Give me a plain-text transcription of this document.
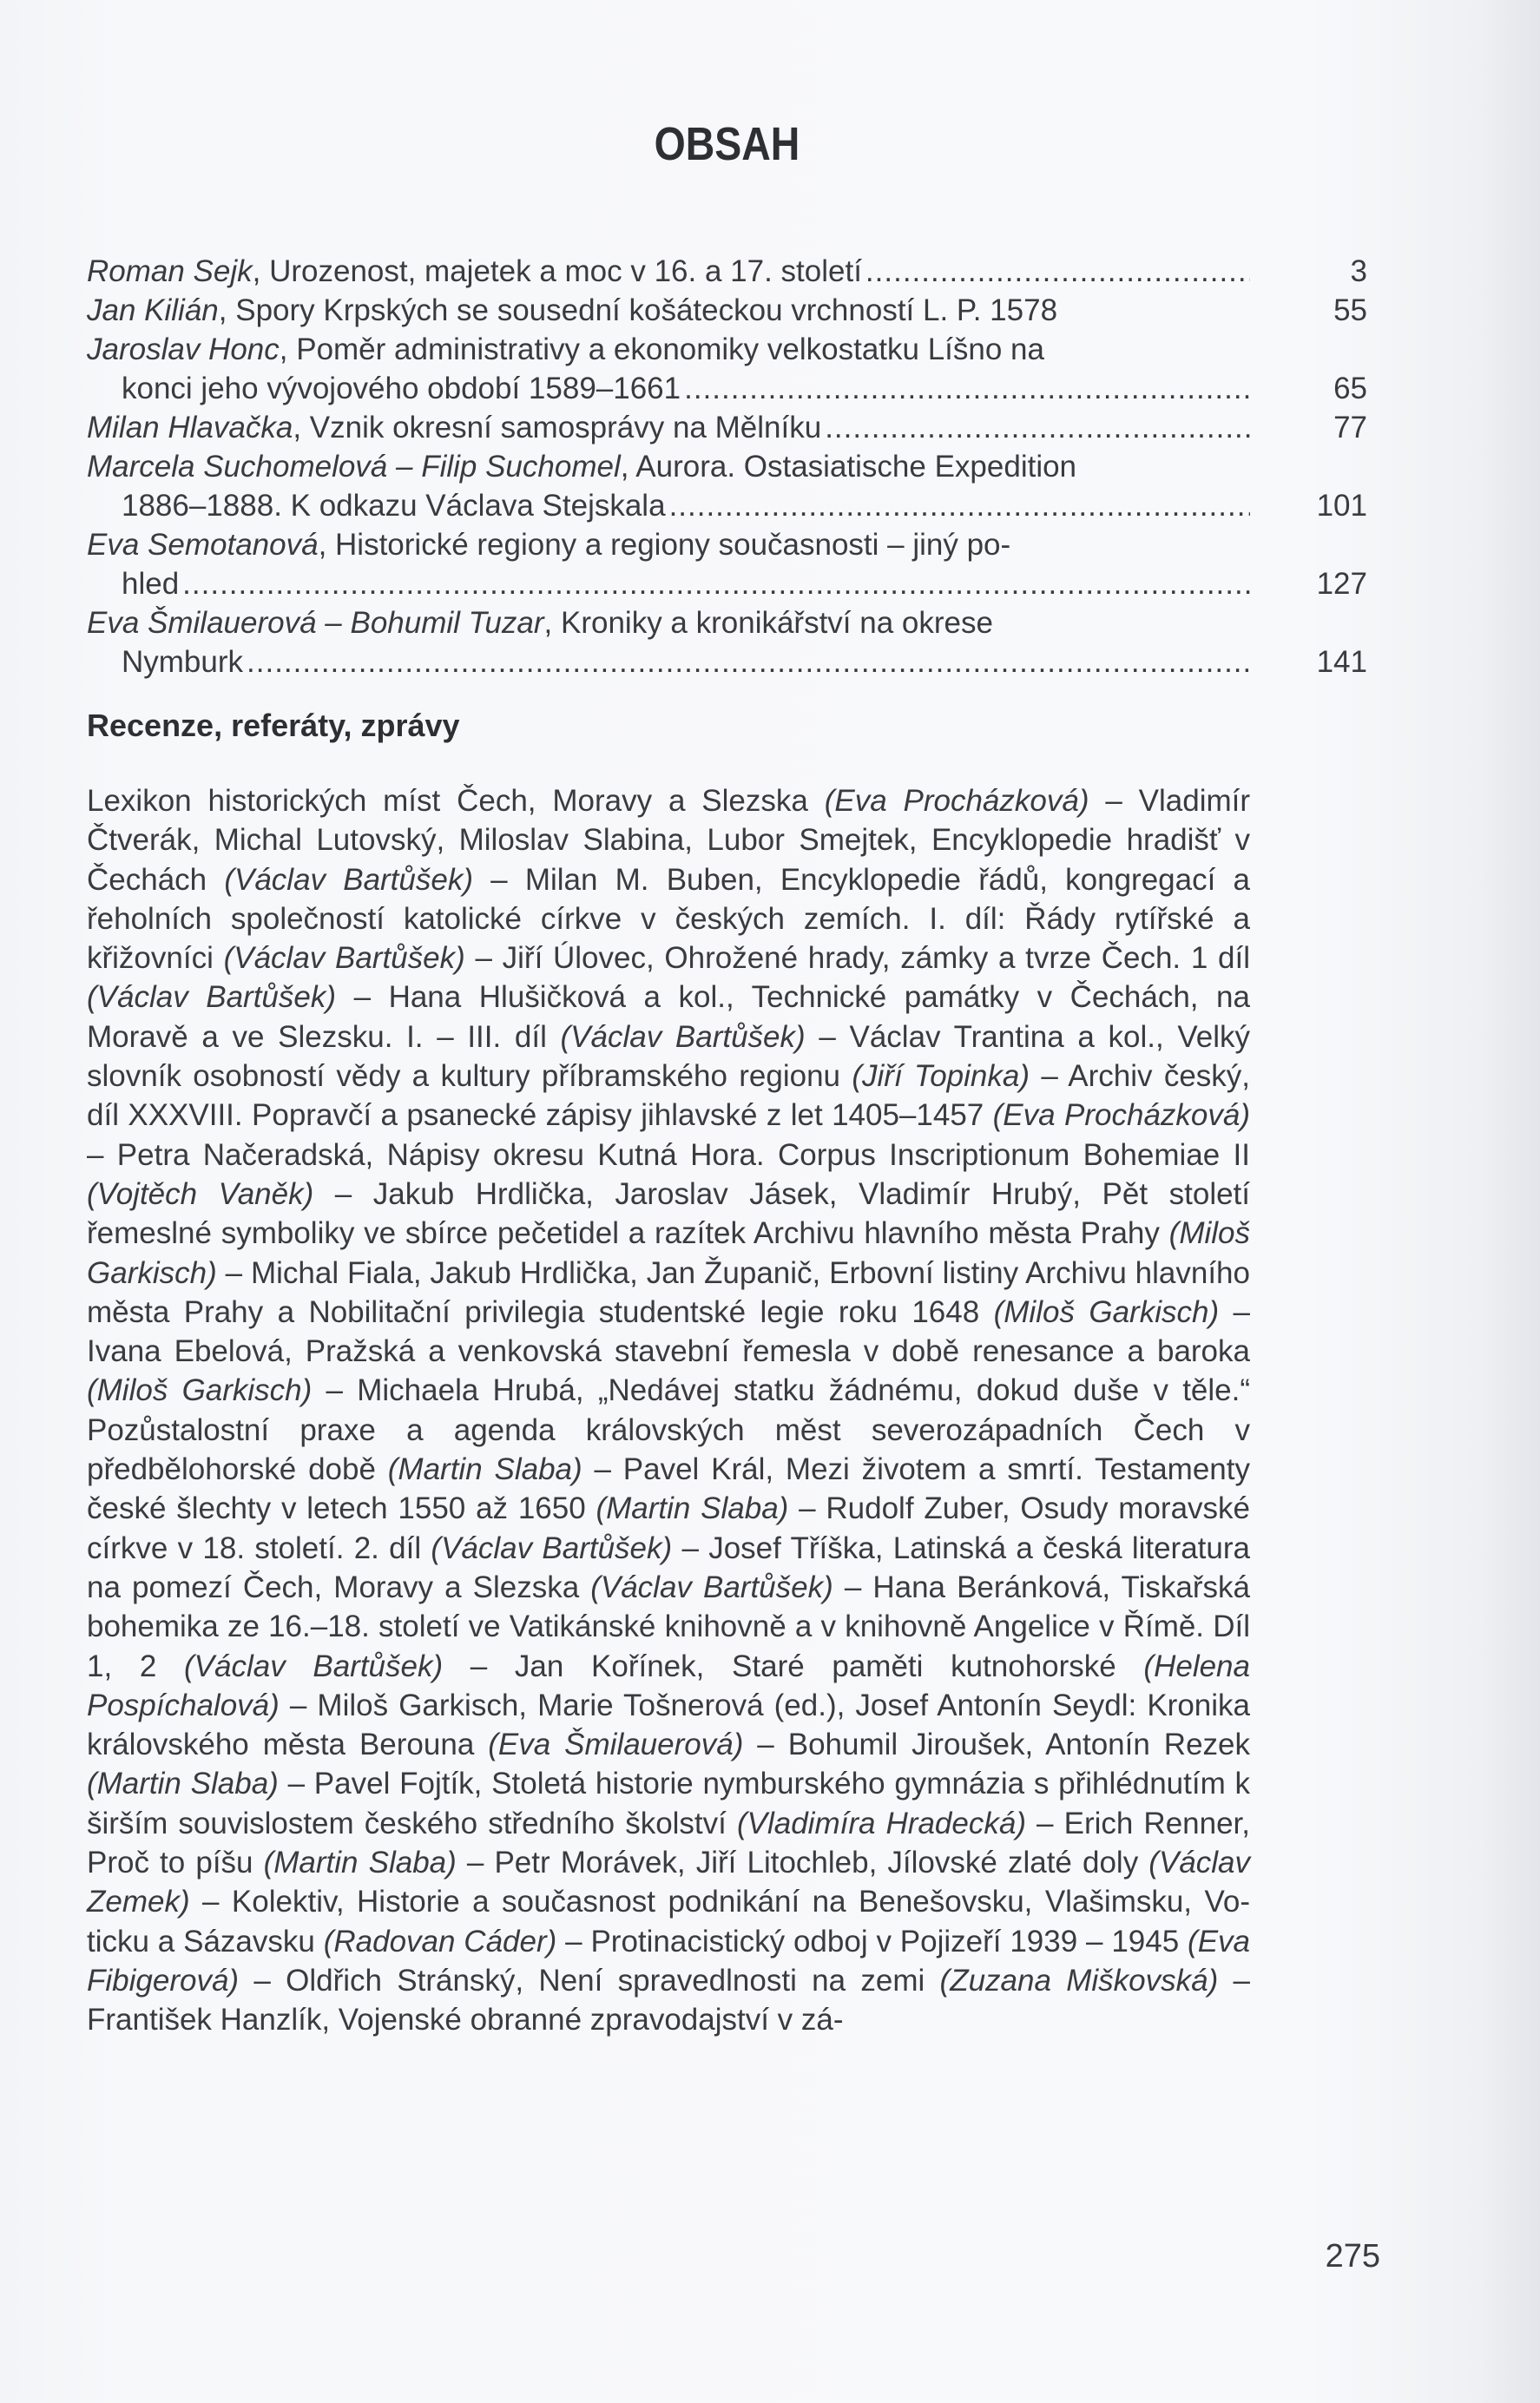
OBSAH
Roman Sejk, Urozenost, majetek a moc v 16. a 17. století .....	3
Jan Kilián, Spory Krpských se sousední košáteckou vrchností L. P. 1578	55
Jaroslav Honc, Poměr administrativy a ekonomiky velkostatku Líšno na
konci jeho vývojového období 1589–1661 .....	65
Milan Hlavačka, Vznik okresní samosprávy na Mělníku .....	77
Marcela Suchomelová – Filip Suchomel, Aurora. Ostasiatische Expedition
1886–1888. K odkazu Václava Stejskala .....	101
Eva Semotanová, Historické regiony a regiony současnosti – jiný po-
hled .....	127
Eva Šmilauerová – Bohumil Tuzar, Kroniky a kronikářství na okrese
Nymburk .....	141
Recenze, referáty, zprávy

Lexikon historických míst Čech, Moravy a Slezska (Eva Procházková) – Vladimír Čtverák, Michal Lutovský, Miloslav Slabina, Lubor Smejtek, Encyklopedie hradišť v Čechách (Václav Bartůšek) – Milan M. Buben, Encyklopedie řádů, kongregací a řeholních společností katolické církve v českých zemích. I. díl: Řády rytířské a křižovníci (Václav Bartůšek) – Jiří Úlovec, Ohrožené hrady, zámky a tvrze Čech. 1 díl (Václav Bartůšek) – Hana Hlušičková a kol., Technické památky v Čechách, na Moravě a ve Slezsku. I. – III. díl (Václav Bartůšek) – Václav Trantina a kol., Velký slovník osobností vědy a kultury příbramského regionu (Jiří Topinka) – Archiv český, díl XXXVIII. Popravčí a psanecké zápisy jihlavské z let 1405–1457 (Eva Procházková) – Petra Načeradská, Nápisy okresu Kutná Hora. Corpus Inscriptionum Bohemiae II (Vojtěch Vaněk) – Jakub Hrdlička, Jaroslav Jásek, Vladimír Hrubý, Pět století řemeslné symboliky ve sbírce pečetidel a razítek Archivu hlavního města Prahy (Miloš Garkisch) – Michal Fiala, Jakub Hrdlička, Jan Županič, Erbovní listiny Archivu hlavního města Prahy a Nobilitační privilegia studentské legie roku 1648 (Miloš Garkisch) – Ivana Ebelová, Pražská a venkovská stavební řemesla v době renesance a baroka (Miloš Garkisch) – Michaela Hrubá, „Nedávej statku žádnému, dokud duše v těle.“ Pozůstalostní praxe a agenda královských měst severozápadních Čech v předbělohorské době (Martin Slaba) – Pavel Král, Mezi životem a smrtí. Testamenty české šlechty v letech 1550 až 1650 (Martin Slaba) – Rudolf Zuber, Osudy moravské církve v 18. století. 2. díl (Václav Bartůšek) – Josef Tříška, Latinská a česká literatura na pomezí Čech, Moravy a Slezska (Václav Bartůšek) – Hana Beránková, Tiskařská bohemika ze 16.–18. století ve Vatikánské knihovně a v knihovně Angelice v Římě. Díl 1, 2 (Václav Bartůšek) – Jan Kořínek, Staré paměti kutnohorské (Helena Pospíchalová) – Miloš Garkisch, Marie Tošnerová (ed.), Josef Antonín Seydl: Kronika královského města Berouna (Eva Šmilauerová) – Bohumil Jiroušek, Antonín Rezek (Martin Slaba) – Pavel Fojtík, Stoletá historie nymburského gymnázia s přihlédnutím k širším souvislostem českého středního školství (Vladimíra Hradecká) – Erich Renner, Proč to píšu (Martin Slaba) – Petr Morávek, Jiří Litochleb, Jílovské zlaté doly (Václav Zemek) – Kolektiv, Historie a současnost podnikání na Benešovsku, Vlašimsku, Voticku a Sázavsku (Radovan Cáder) – Protinacistický odboj v Pojizeří 1939 – 1945 (Eva Fibigerová) – Oldřich Stránský, Není spravedlnosti na zemi (Zuzana Miškovská) – František Hanzlík, Vojenské obranné zpravodajství v zá-

275
